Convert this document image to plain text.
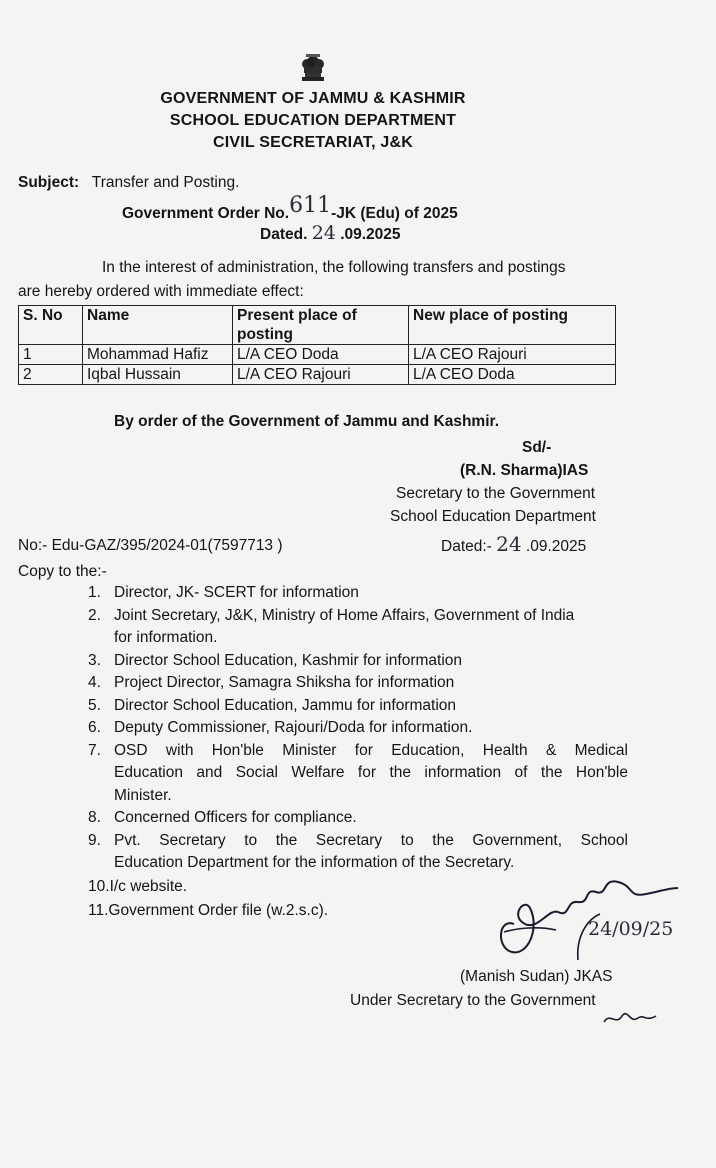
GOVERNMENT OF JAMMU & KASHMIR
SCHOOL EDUCATION DEPARTMENT
CIVIL SECRETARIAT, J&K
Subject: Transfer and Posting.
Government Order No.611-JK (Edu) of 2025
Dated. 24 .09.2025
In the interest of administration, the following transfers and postings
are hereby ordered with immediate effect:
S. No	Name	Present place of posting	New place of posting
1	Mohammad Hafiz	L/A CEO Doda	L/A CEO Rajouri
2	Iqbal Hussain	L/A CEO Rajouri	L/A CEO Doda
By order of the Government of Jammu and Kashmir.
Sd/-
(R.N. Sharma)IAS
Secretary to the Government
School Education Department
No:- Edu-GAZ/395/2024-01(7597713 )	Dated:- 24 .09.2025
Copy to the:-
1. Director, JK- SCERT for information
2. Joint Secretary, J&K, Ministry of Home Affairs, Government of India
for information.
3. Director School Education, Kashmir for information
4. Project Director, Samagra Shiksha for information
5. Director School Education, Jammu for information
6. Deputy Commissioner, Rajouri/Doda for information.
7. OSD with Hon'ble Minister for Education, Health & Medical
Education and Social Welfare for the information of the Hon'ble
Minister.
8. Concerned Officers for compliance.
9. Pvt. Secretary to the Secretary to the Government, School
Education Department for the information of the Secretary.
10.I/c website.
11.Government Order file (w.2.s.c).
24/09/25
(Manish Sudan) JKAS
Under Secretary to the Government
